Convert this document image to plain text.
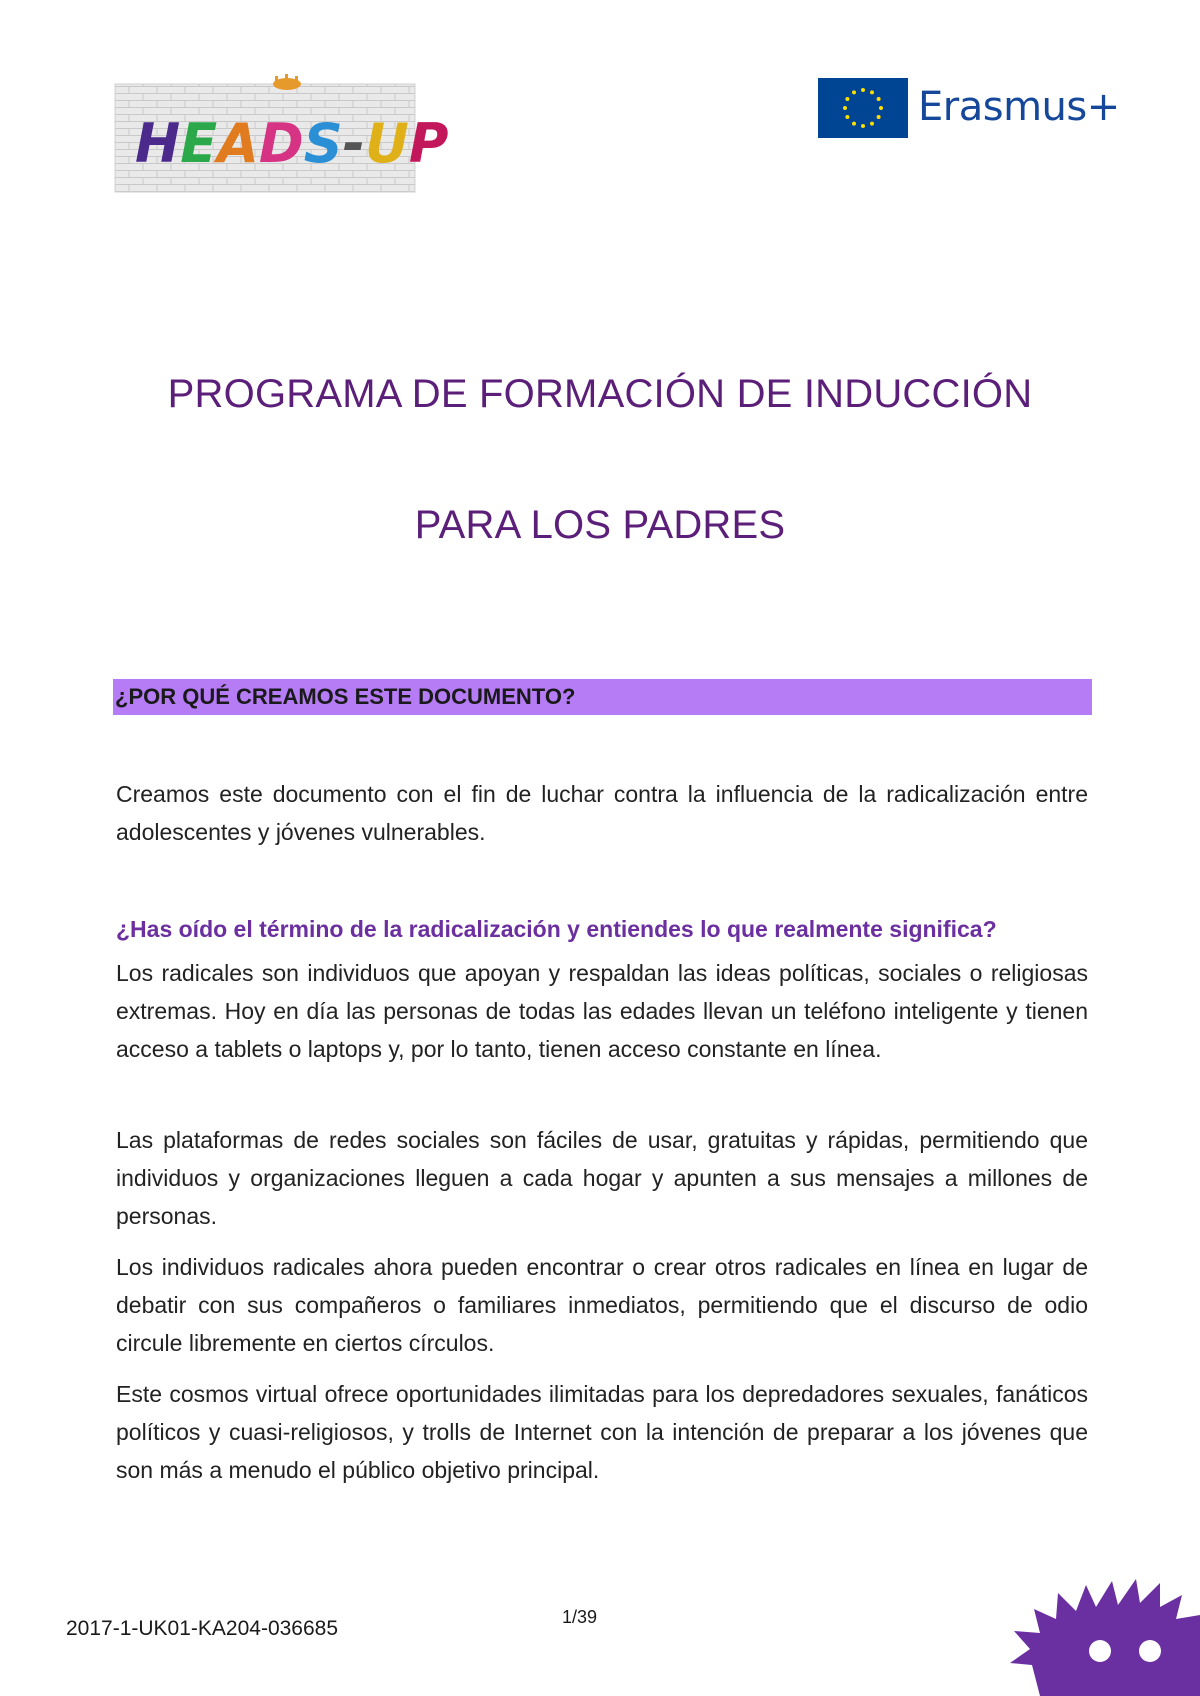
HEADS-UP
Erasmus+
PROGRAMA DE FORMACIÓN DE INDUCCIÓN
PARA LOS PADRES
¿POR QUÉ CREAMOS ESTE DOCUMENTO?
Creamos este documento con el fin de luchar contra la influencia de la radicalización entre adolescentes y jóvenes vulnerables.
¿Has oído el término de la radicalización y entiendes lo que realmente significa?
Los radicales son individuos que apoyan y respaldan las ideas políticas, sociales o religiosas extremas. Hoy en día las personas de todas las edades llevan un teléfono inteligente y tienen acceso a tablets o laptops y, por lo tanto, tienen acceso constante en línea.
Las plataformas de redes sociales son fáciles de usar, gratuitas y rápidas, permitiendo que individuos y organizaciones lleguen a cada hogar y apunten a sus mensajes a millones de personas.
Los individuos radicales ahora pueden encontrar o crear otros radicales en línea en lugar de debatir con sus compañeros o familiares inmediatos, permitiendo que el discurso de odio circule libremente en ciertos círculos.
Este cosmos virtual ofrece oportunidades ilimitadas para los depredadores sexuales, fanáticos políticos y cuasi-religiosos, y trolls de Internet con la intención de preparar a los jóvenes que son más a menudo el público objetivo principal.
2017-1-UK01-KA204-036685	1/39
